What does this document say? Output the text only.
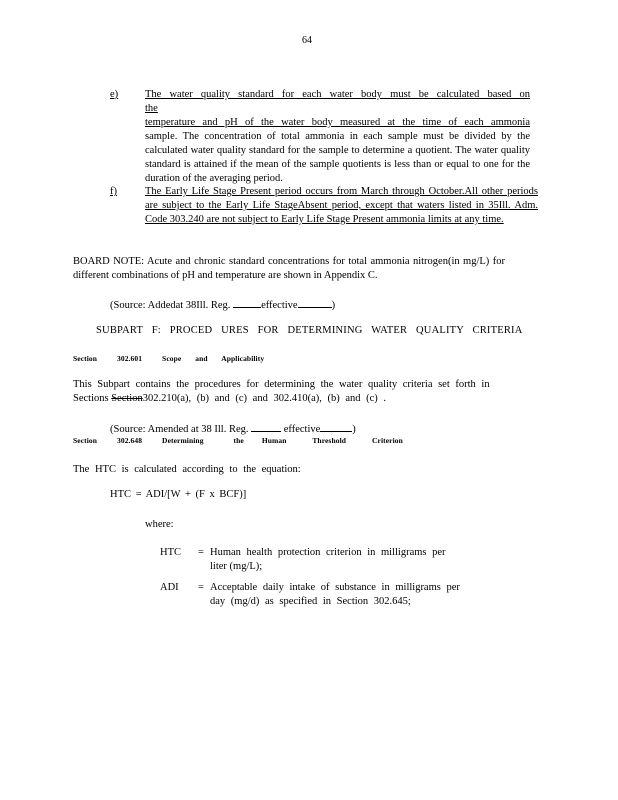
64
e)	The water quality standard for each water body must be calculated based on the
temperature and pH of the water body measured at the time of each ammonia sample. The concentration of total ammonia in each sample must be divided by the calculated water quality standard for the sample to determine a quotient. The water quality standard is attained if the mean of the sample quotients is less than or equal to one for the duration of the averaging period.
f)	The Early Life Stage Present period occurs from March through October.All other periods are subject to the Early Life StageAbsent period, except that waters listed in 35Ill. Adm. Code 303.240 are not subject to Early Life Stage Present ammonia limits at any time.
BOARD NOTE: Acute and chronic standard concentrations for total ammonia nitrogen(in mg/L) for different combinations of pH and temperature are shown in Appendix C.
(Source: Addedat 38Ill. Reg.	effective	)
SUBPART F: PROCED URES FOR DETERMINING WATER QUALITY CRITERIA
Section	302.601	Scope and Applicability
This Subpart contains the procedures for determining the water quality criteria set forth in
Sections Section302.210(a), (b) and (c) and 302.410(a), (b) and (c) .
(Source: Amended at 38 Ill. Reg.	effective	)
Section	302.648	Determining	the Human	Threshold	Criterion
The HTC is calculated according to the equation:
HTC = ADI/[W + (F x BCF)]
where:
HTC	= Human health protection criterion in milligrams per
liter (mg/L);
ADI	= Acceptable daily intake of substance in milligrams per
day (mg/d) as specified in Section 302.645;
